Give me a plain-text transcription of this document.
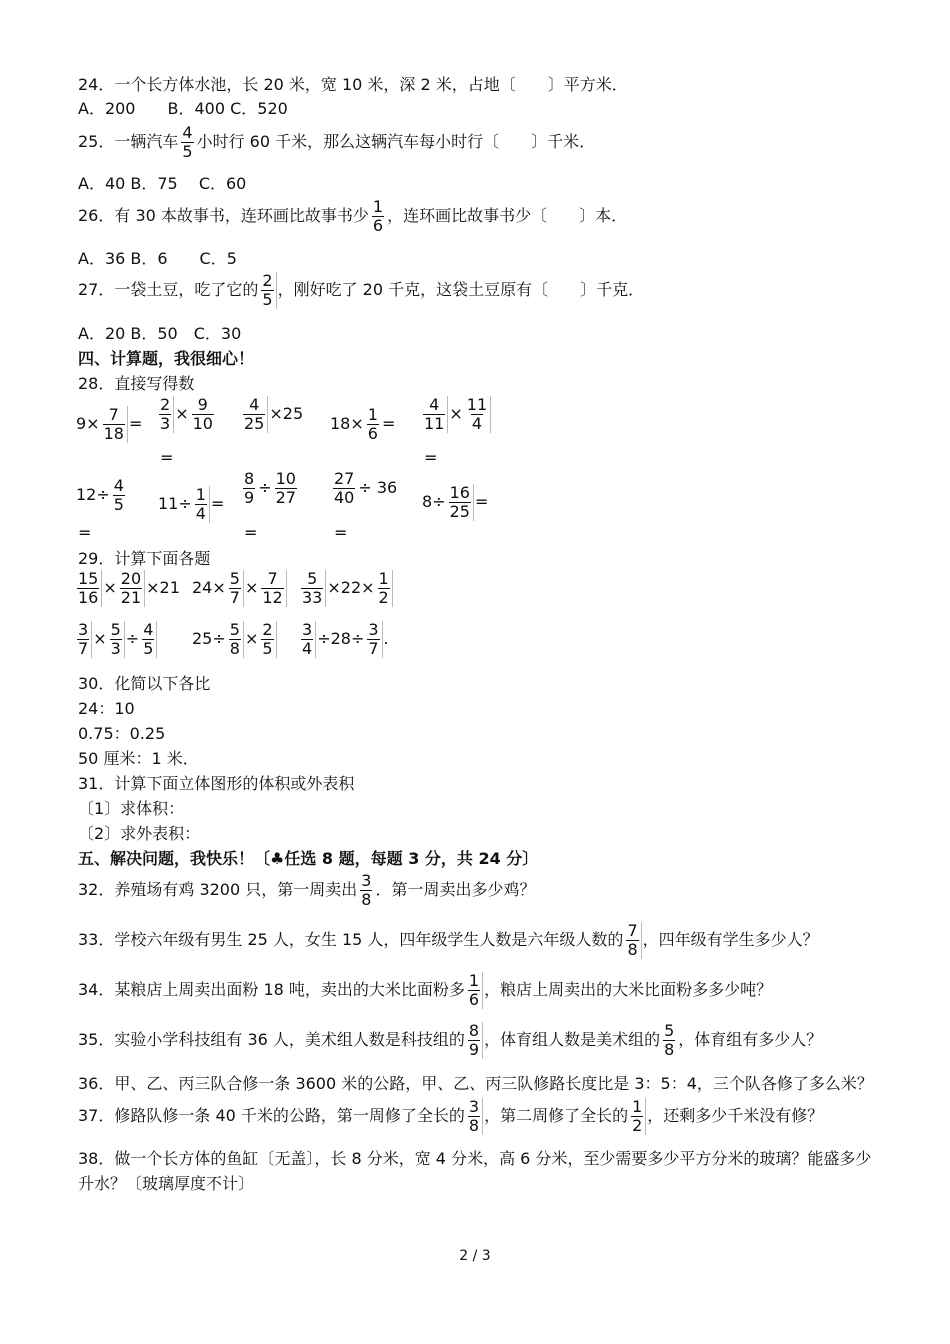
24．一个长方体水池，长 20 米，宽 10 米，深 2 米，占地〔　　〕平方米．
A．200　　B．400 C．520
25．一辆汽车 $\frac{4}{5}$ 小时行 60 千米，那么这辆汽车每小时行〔　　〕千米．
A．40 B．75　 C．60
26．有 30 本故事书，连环画比故事书少 $\frac{1}{6}$ ，连环画比故事书少〔　　〕本．
A．36 B．6　　C．5
27．一袋土豆，吃了它的 $\frac{2}{5}$ ，刚好吃了 20 千克，这袋土豆原有〔　　〕千克．
A．20 B．50　C．30
四、计算题，我很细心！
28．直接写得数
$9\times \frac{7}{18} = \frac{2}{3} \times \frac{9}{10}$
=
$\frac{4}{25} \times 25$
$18\times \frac{1}{6} = \frac{4}{11} \times \frac{11}{4}$
=
$12\div \frac{4}{5}$
=
$11\div \frac{1}{4} = \frac{8}{9} \div \frac{10}{27}$
=
$\frac{27}{40} \div 36$
=
$8\div \frac{16}{25}$ =
29．计算下面各题
$\frac{15}{16} \times \frac{20}{21} \times 21$ $24\times \frac{5}{7} \times \frac{7}{12} \frac{5}{33} \times 22\times \frac{1}{2}$
$\frac{3}{7} \times \frac{5}{3} \div \frac{4}{5} 25\div \frac{5}{8} \times \frac{2}{5} \frac{3}{4} \div 28\div \frac{3}{7}$ .
30．化简以下各比
24：10
0.75：0.25
50 厘米：1 米．
31．计算下面立体图形的体积或外表积
〔1〕求体积：
〔2〕求外表积：
五、解决问题，我快乐！〔♣任选 8 题，每题 3 分，共 24 分〕
32．养殖场有鸡 3200 只，第一周卖出 $\frac{3}{8}$ ．第一周卖出多少鸡？
33．学校六年级有男生 25 人，女生 15 人，四年级学生人数是六年级人数的 $\frac{7}{8}$ ，四年级有学生多少人？
34．某粮店上周卖出面粉 18 吨，卖出的大米比面粉多 $\frac{1}{6}$ ，粮店上周卖出的大米比面粉多多少吨？
35．实验小学科技组有 36 人，美术组人数是科技组的 $\frac{8}{9}$ ，体育组人数是美术组的 $\frac{5}{8}$ ，体育组有多少人？
36．甲、乙、丙三队合修一条 3600 米的公路，甲、乙、丙三队修路长度比是 3：5：4，三个队各修了多么米？
37．修路队修一条 40 千米的公路，第一周修了全长的 $\frac{3}{8}$ ，第二周修了全长的 $\frac{1}{2}$ ，还剩多少千米没有修？
38．做一个长方体的鱼缸〔无盖〕，长 8 分米，宽 4 分米，高 6 分米，至少需要多少平方分米的玻璃？能盛多少
升水？〔玻璃厚度不计〕
2 / 3
